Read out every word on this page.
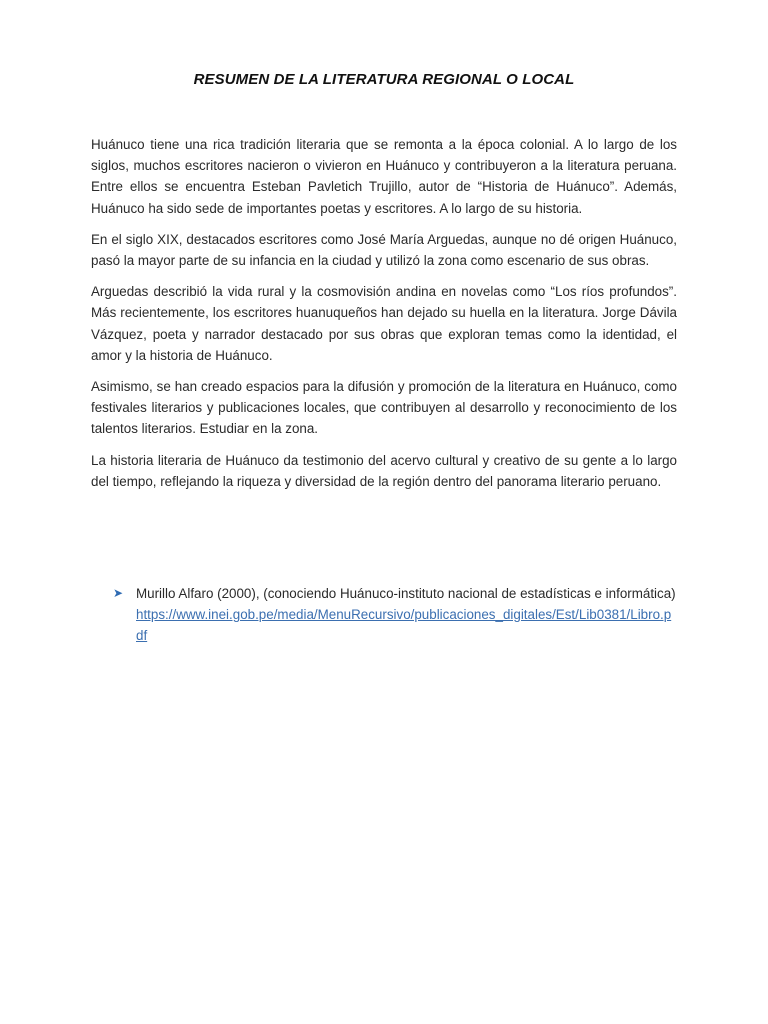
RESUMEN DE LA LITERATURA REGIONAL O LOCAL

Huánuco tiene una rica tradición literaria que se remonta a la época colonial. A lo largo de los siglos, muchos escritores nacieron o vivieron en Huánuco y contribuyeron a la literatura peruana. Entre ellos se encuentra Esteban Pavletich Trujillo, autor de “Historia de Huánuco”. Además, Huánuco ha sido sede de importantes poetas y escritores. A lo largo de su historia.

En el siglo XIX, destacados escritores como José María Arguedas, aunque no dé origen Huánuco, pasó la mayor parte de su infancia en la ciudad y utilizó la zona como escenario de sus obras.

Arguedas describió la vida rural y la cosmovisión andina en novelas como “Los ríos profundos”. Más recientemente, los escritores huanuqueños han dejado su huella en la literatura. Jorge Dávila Vázquez, poeta y narrador destacado por sus obras que exploran temas como la identidad, el amor y la historia de Huánuco.

Asimismo, se han creado espacios para la difusión y promoción de la literatura en Huánuco, como festivales literarios y publicaciones locales, que contribuyen al desarrollo y reconocimiento de los talentos literarios. Estudiar en la zona.

La historia literaria de Huánuco da testimonio del acervo cultural y creativo de su gente a lo largo del tiempo, reflejando la riqueza y diversidad de la región dentro del panorama literario peruano.

➤ Murillo Alfaro (2000), (conociendo Huánuco-instituto nacional de estadísticas e informática)
https://www.inei.gob.pe/media/MenuRecursivo/publicaciones_digitales/Est/Lib0381/Libro.pdf
